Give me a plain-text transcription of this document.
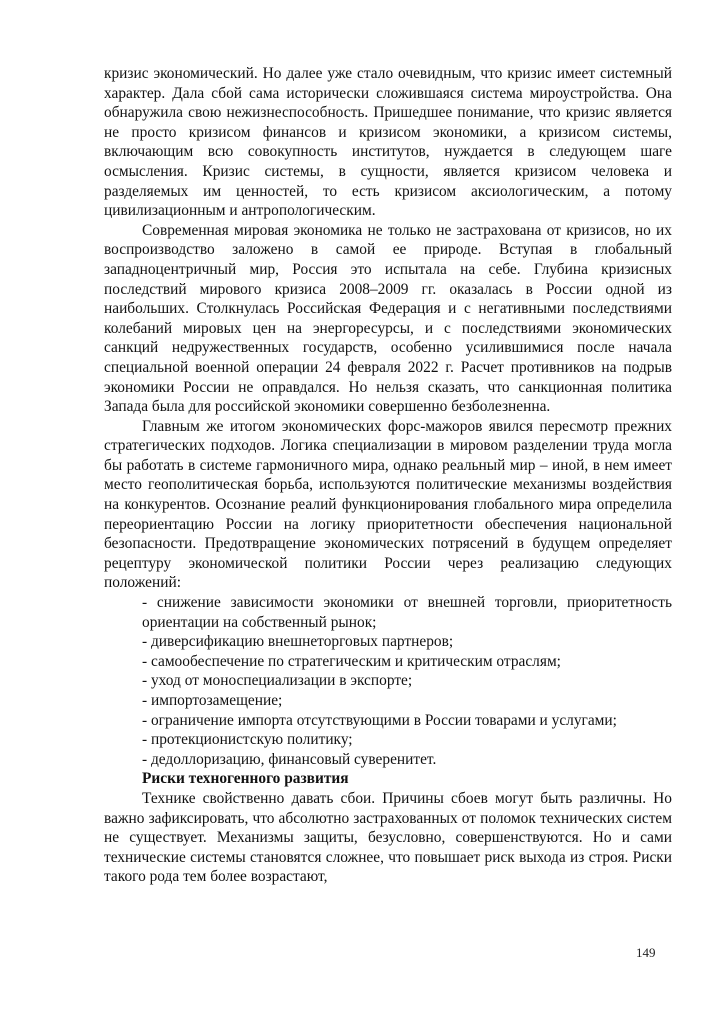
кризис экономический. Но далее уже стало очевидным, что кризис имеет системный характер. Дала сбой сама исторически сложившаяся система мироустройства. Она обнаружила свою нежизнеспособность. Пришедшее понимание, что кризис является не просто кризисом финансов и кризисом экономики, а кризисом системы, включающим всю совокупность институтов, нуждается в следующем шаге осмысления. Кризис системы, в сущности, является кризисом человека и разделяемых им ценностей, то есть кризисом аксиологическим, а потому цивилизационным и антропологическим.

Современная мировая экономика не только не застрахована от кризисов, но их воспроизводство заложено в самой ее природе. Вступая в глобальный западноцентричный мир, Россия это испытала на себе. Глубина кризисных последствий мирового кризиса 2008–2009 гг. оказалась в России одной из наибольших. Столкнулась Российская Федерация и с негативными последствиями колебаний мировых цен на энергоресурсы, и с последствиями экономических санкций недружественных государств, особенно усилившимися после начала специальной военной операции 24 февраля 2022 г. Расчет противников на подрыв экономики России не оправдался. Но нельзя сказать, что санкционная политика Запада была для российской экономики совершенно безболезненна.

Главным же итогом экономических форс-мажоров явился пересмотр прежних стратегических подходов. Логика специализации в мировом разделении труда могла бы работать в системе гармоничного мира, однако реальный мир – иной, в нем имеет место геополитическая борьба, используются политические механизмы воздействия на конкурентов. Осознание реалий функционирования глобального мира определила переориентацию России на логику приоритетности обеспечения национальной безопасности. Предотвращение экономических потрясений в будущем определяет рецептуру экономической политики России через реализацию следующих положений:

- снижение зависимости экономики от внешней торговли, приоритетность ориентации на собственный рынок;

- диверсификацию внешнеторговых партнеров;

- самообеспечение по стратегическим и критическим отраслям;

- уход от моноспециализации в экспорте;

- импортозамещение;

- ограничение импорта отсутствующими в России товарами и услугами;

- протекционистскую политику;

- дедоллоризацию, финансовый суверенитет.

Риски техногенного развития

Технике свойственно давать сбои. Причины сбоев могут быть различны. Но важно зафиксировать, что абсолютно застрахованных от поломок технических систем не существует. Механизмы защиты, безусловно, совершенствуются. Но и сами технические системы становятся сложнее, что повышает риск выхода из строя. Риски такого рода тем более возрастают,

149
